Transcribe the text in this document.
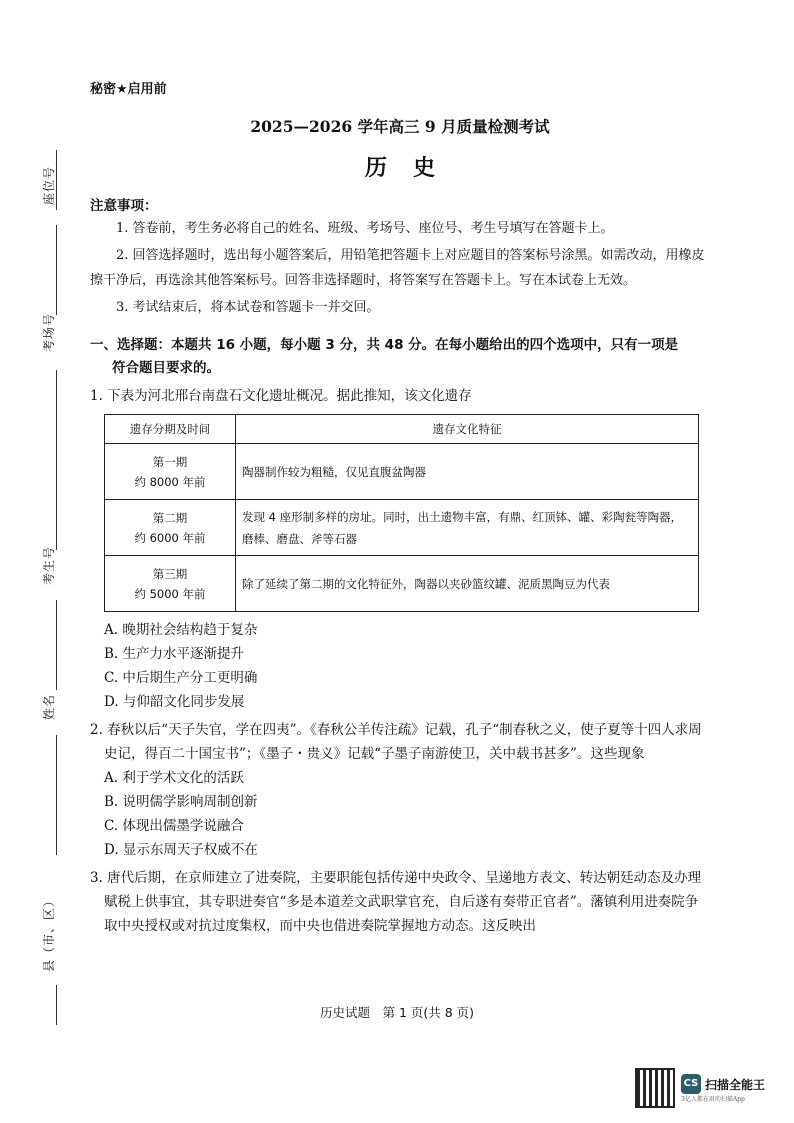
座位号
考场号
考生号
姓名
县（市、区）
秘密★启用前
2025—2026 学年高三 9 月质量检测考试
历史
注意事项：

1. 答卷前，考生务必将自己的姓名、班级、考场号、座位号、考生号填写在答题卡上。

2. 回答选择题时，选出每小题答案后，用铅笔把答题卡上对应题目的答案标号涂黑。如需改动，用橡皮擦干净后，再选涂其他答案标号。回答非选择题时，将答案写在答题卡上。写在本试卷上无效。

3. 考试结束后，将本试卷和答题卡一并交回。

一、选择题：本题共 16 小题，每小题 3 分，共 48 分。在每小题给出的四个选项中，只有一项是
符合题目要求的。
1. 下表为河北邢台南盘石文化遗址概况。据此推知，该文化遗存
遗存分期及时间	遗存文化特征
第一期
约 8000 年前	陶器制作较为粗糙，仅见直腹盆陶器
第二期
约 6000 年前	发现 4 座形制多样的房址。同时，出土遗物丰富，有鼎、红顶钵、罐、彩陶瓮等陶器，磨棒、磨盘、斧等石器
第三期
约 5000 年前	除了延续了第二期的文化特征外，陶器以夹砂篮纹罐、泥质黑陶豆为代表
A. 晚期社会结构趋于复杂
B. 生产力水平逐渐提升
C. 中后期生产分工更明确
D. 与仰韶文化同步发展
2. 春秋以后“天子失官，学在四夷”。《春秋公羊传注疏》记载，孔子“制春秋之义，使子夏等十四人求周史记，得百二十国宝书”；《墨子・贵义》记载“子墨子南游使卫，关中载书甚多”。这些现象
A. 利于学术文化的活跃
B. 说明儒学影响周制创新
C. 体现出儒墨学说融合
D. 显示东周天子权威不在
3. 唐代后期，在京师建立了进奏院，主要职能包括传递中央政令、呈递地方表文、转达朝廷动态及办理赋税上供事宜，其专职进奏官“多是本道差文武职掌官充，自后遂有奏带正官者”。藩镇利用进奏院争取中央授权或对抗过度集权，而中央也借进奏院掌握地方动态。这反映出
历史试题　第 1 页(共 8 页)
CS 扫描全能王
3亿人都在用的扫描App
